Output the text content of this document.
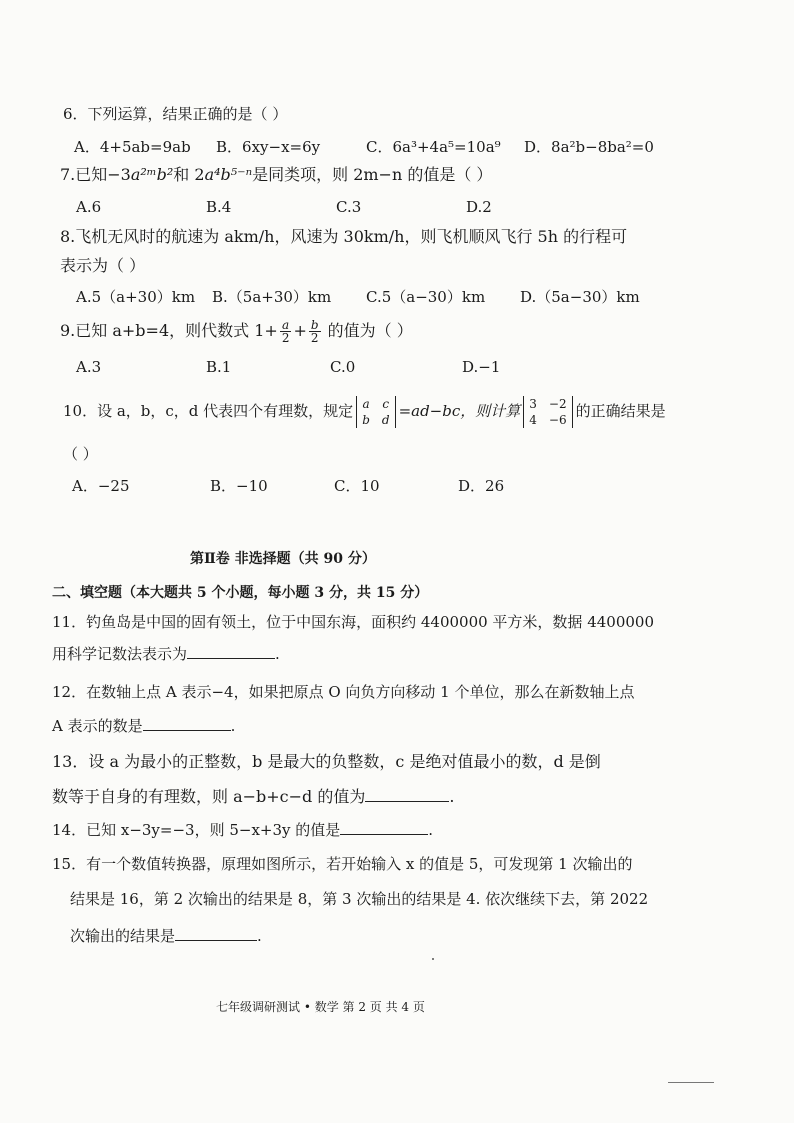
6．下列运算，结果正确的是（ ）
A．4+5ab=9ab B．6xy−x=6y	C．6a³+4a⁵=10a⁹ D．8a²b−8ba²=0
7.已知−3a²ᵐb²和 2a⁴b⁵⁻ⁿ是同类项，则 2m−n 的值是（ ）
A.6	B.4	C.3	D.2
8.飞机无风时的航速为 akm/h，风速为 30km/h，则飞机顺风飞行 5h 的行程可
表示为（ ）
A.5（a+30）km B.（5a+30）km C.5（a−30）km D.（5a−30）km
9.已知 a+b=4，则代数式 $1+ \frac{a}{2} + \frac{b}{2}$ 的值为（ ）
A.3	B.1	C.0	D.−1
10．设 a，b，c，d 代表四个有理数，规定 a c
b d =ad−bc，则计算 3 −2
4 −6 的正确结果是
（ ）
A．−25	B．−10	C．10	D．26
第Ⅱ卷 非选择题（共 90 分）
二、填空题（本大题共 5 个小题，每小题 3 分，共 15 分）
11．钓鱼岛是中国的固有领土，位于中国东海，面积约 4400000 平方米，数据 4400000
用科学记数法表示为	.
12．在数轴上点 A 表示−4，如果把原点 O 向负方向移动 1 个单位，那么在新数轴上点
A 表示的数是	.
13．设 a 为最小的正整数，b 是最大的负整数，c 是绝对值最小的数，d 是倒
数等于自身的有理数，则 a−b+c−d 的值为	.
14．已知 x−3y=−3，则 5−x+3y 的值是	.
15．有一个数值转换器，原理如图所示，若开始输入 x 的值是 5，可发现第 1 次输出的
结果是 16，第 2 次输出的结果是 8，第 3 次输出的结果是 4. 依次继续下去，第 2022
次输出的结果是	.
七年级调研测试 • 数学 第 2 页 共 4 页
